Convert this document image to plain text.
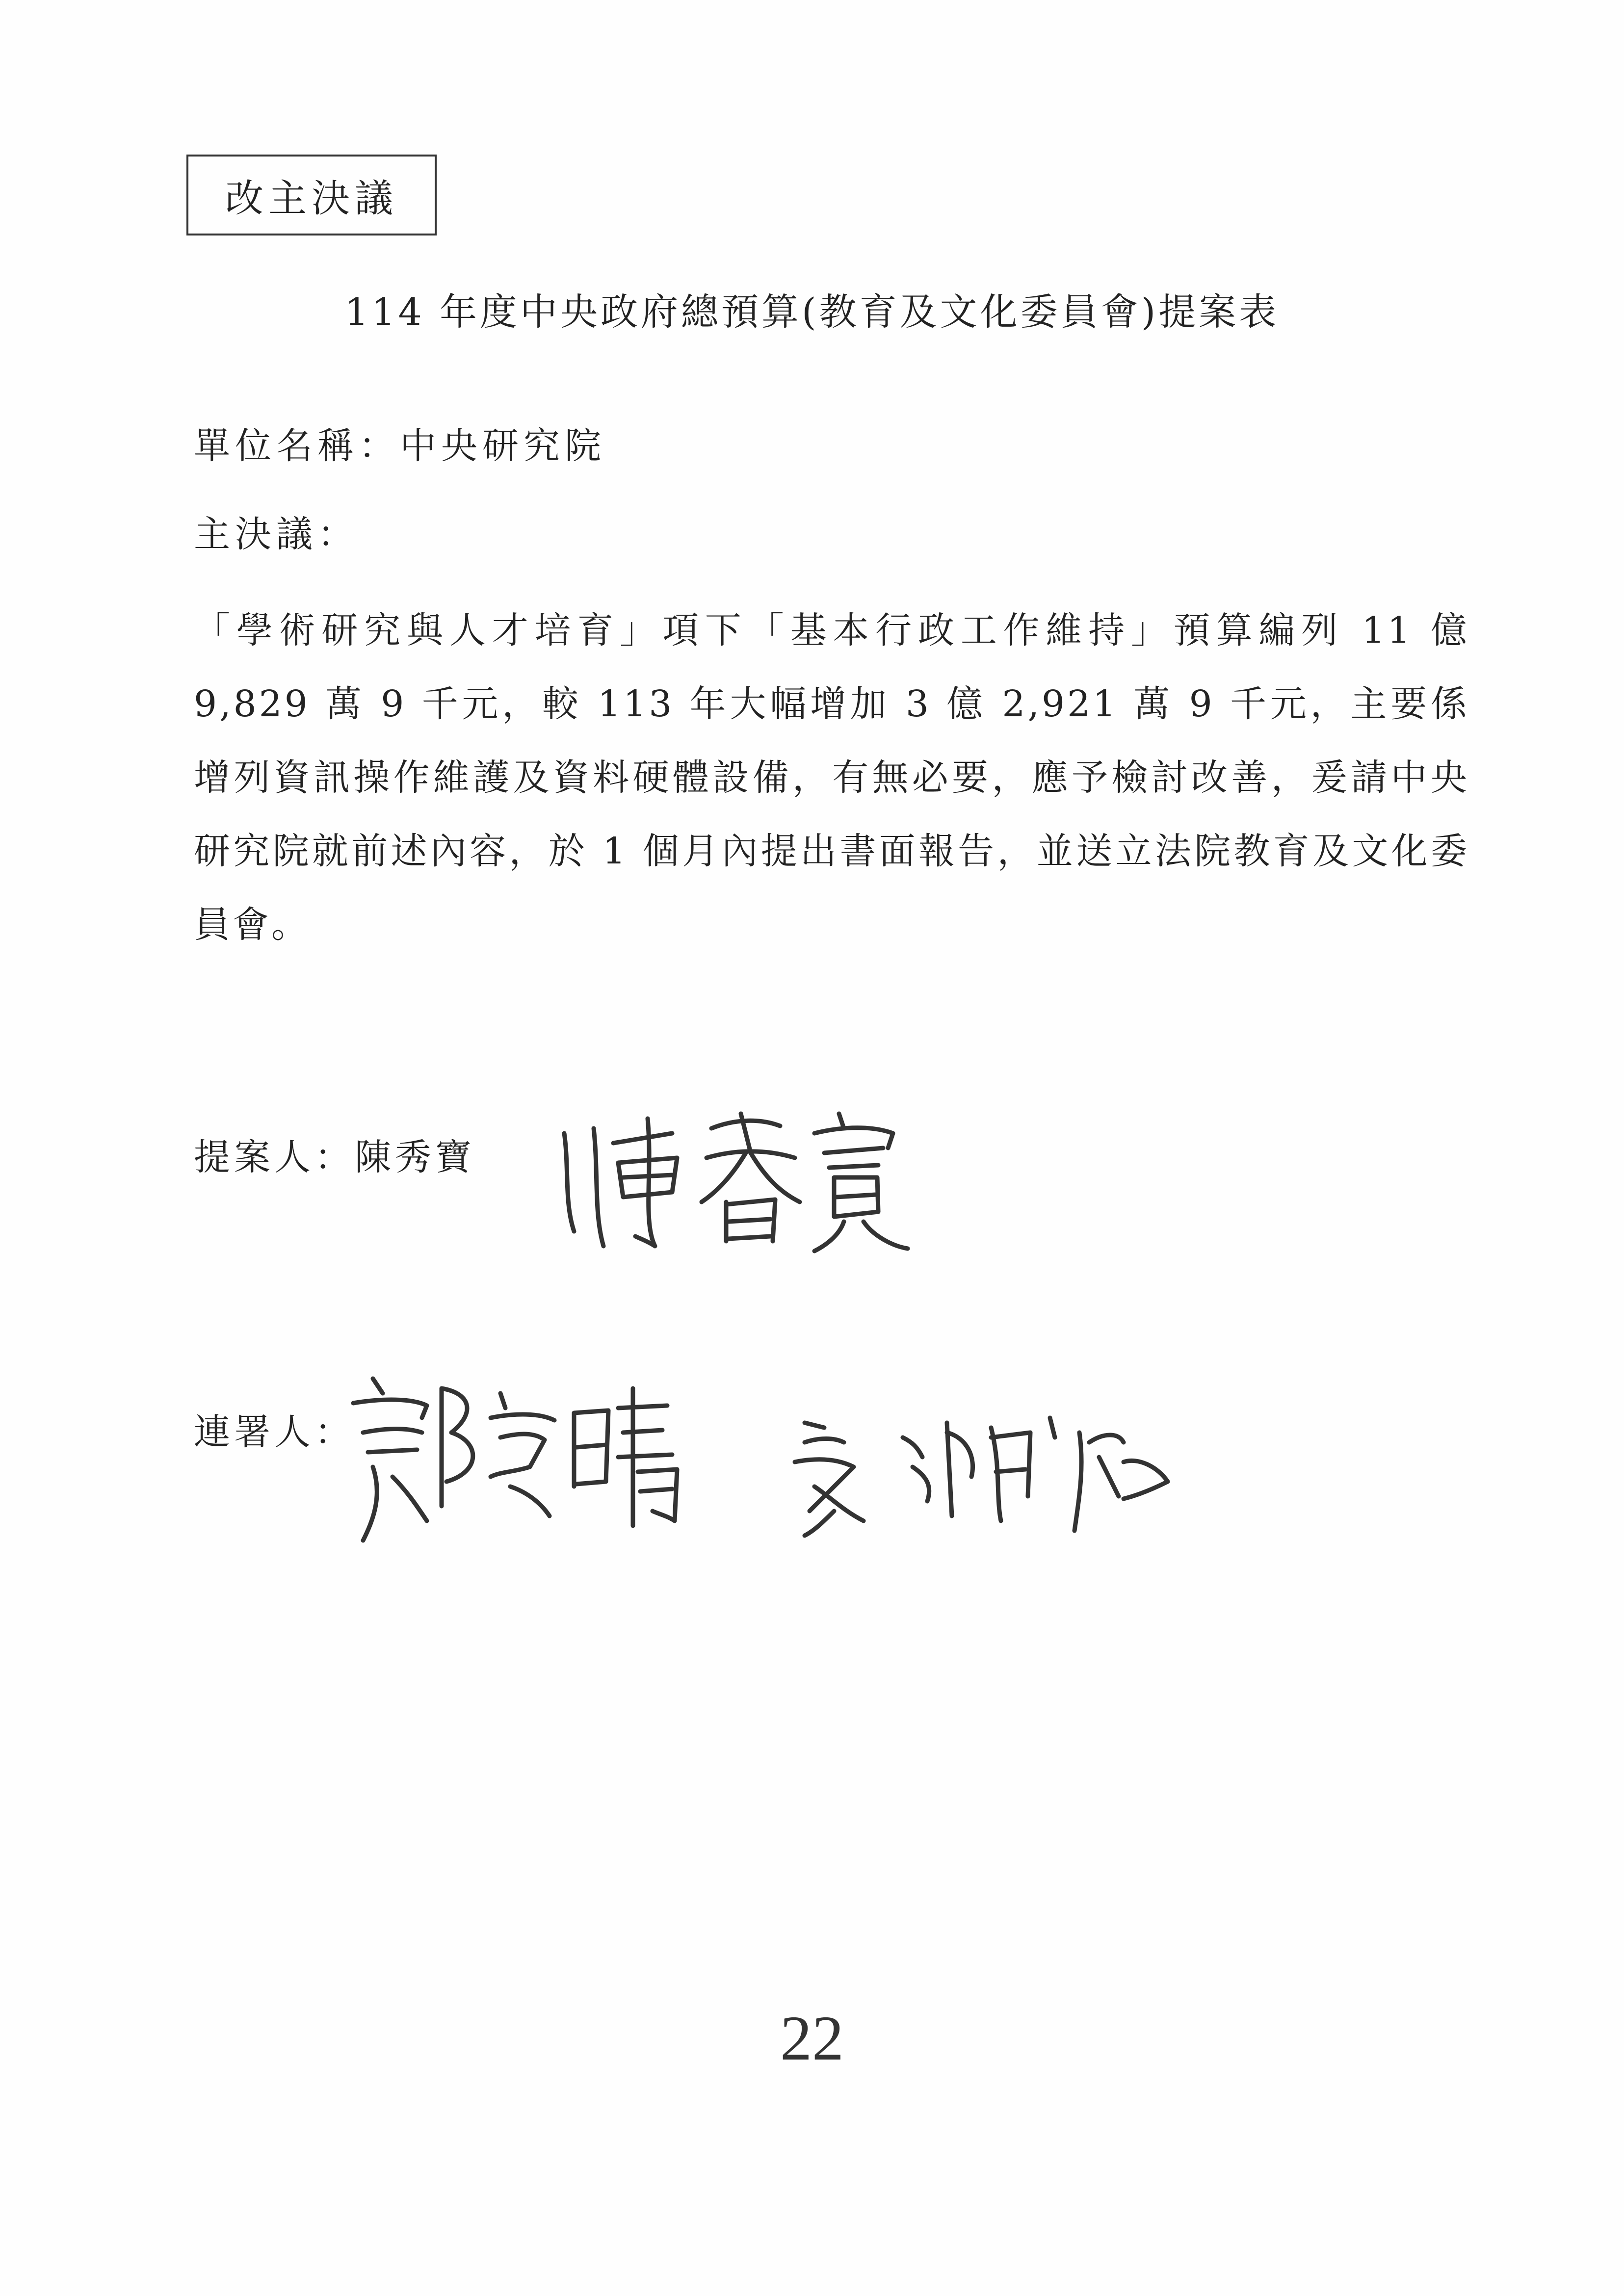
改主決議
114 年度中央政府總預算(教育及文化委員會)提案表
單位名稱：中央研究院
主決議：
「學術研究與人才培育」項下「基本行政工作維持」預算編列 11 億 9,829 萬 9 千元，較 113 年大幅增加 3 億 2,921 萬 9 千元，主要係增列資訊操作維護及資料硬體設備，有無必要，應予檢討改善，爰請中央研究院就前述內容，於 1 個月內提出書面報告，並送立法院教育及文化委員會。
提案人：陳秀寶
連署人：
22
